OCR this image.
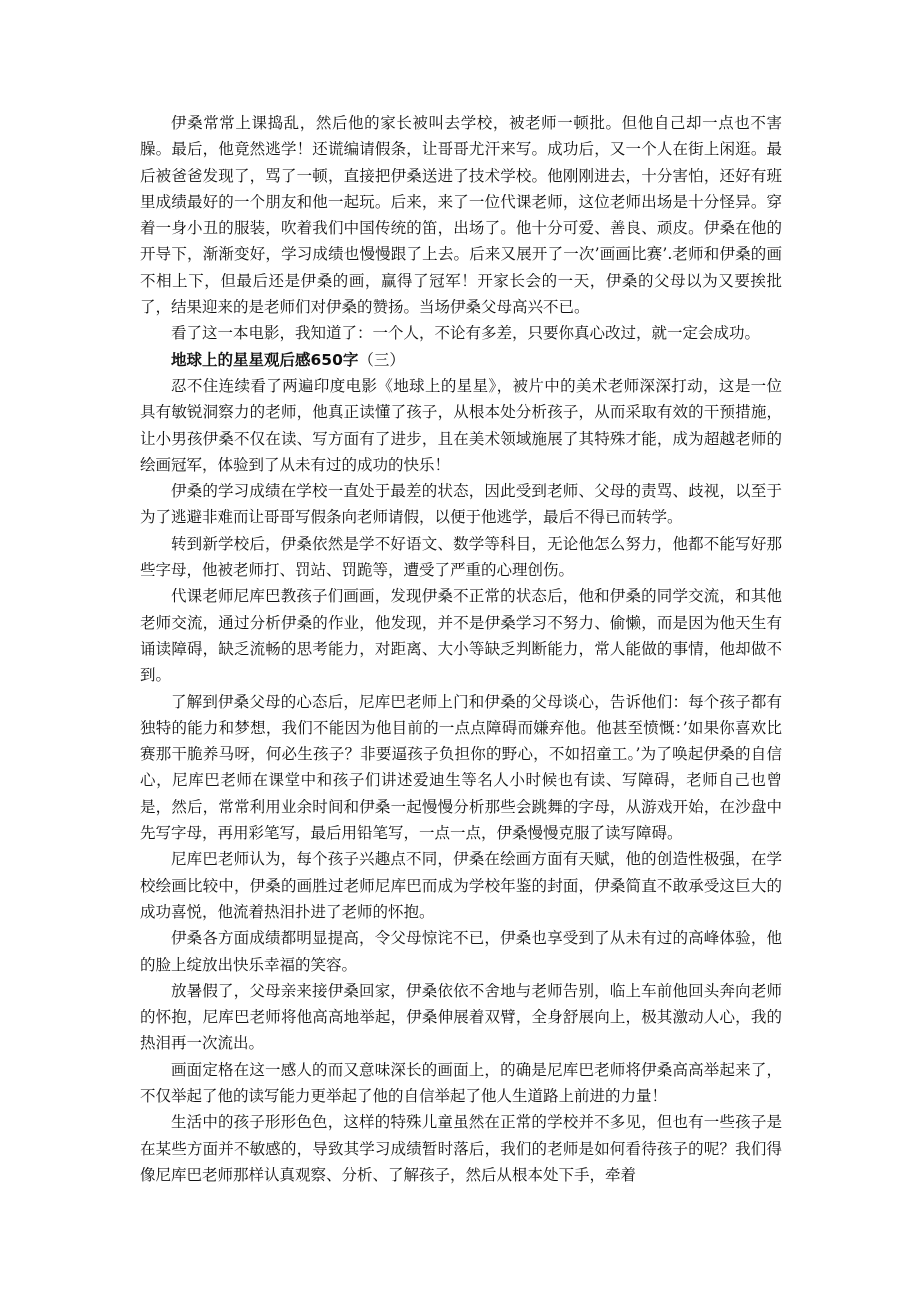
伊桑常常上课捣乱，然后他的家长被叫去学校，被老师一顿批。但他自己却一点也不害臊。最后，他竟然逃学！还谎编请假条，让哥哥尤汗来写。成功后，又一个人在街上闲逛。最后被爸爸发现了，骂了一顿，直接把伊桑送进了技术学校。他刚刚进去，十分害怕，还好有班里成绩最好的一个朋友和他一起玩。后来，来了一位代课老师，这位老师出场是十分怪异。穿着一身小丑的服装，吹着我们中国传统的笛，出场了。他十分可爱、善良、顽皮。伊桑在他的开导下，渐渐变好，学习成绩也慢慢跟了上去。后来又展开了一次’画画比赛’.老师和伊桑的画不相上下，但最后还是伊桑的画，赢得了冠军！开家长会的一天，伊桑的父母以为又要挨批了，结果迎来的是老师们对伊桑的赞扬。当场伊桑父母高兴不已。

看了这一本电影，我知道了：一个人，不论有多差，只要你真心改过，就一定会成功。

地球上的星星观后感650字（三）

忍不住连续看了两遍印度电影《地球上的星星》，被片中的美术老师深深打动，这是一位具有敏锐洞察力的老师，他真正读懂了孩子，从根本处分析孩子，从而采取有效的干预措施，让小男孩伊桑不仅在读、写方面有了进步，且在美术领域施展了其特殊才能，成为超越老师的绘画冠军，体验到了从未有过的成功的快乐！

伊桑的学习成绩在学校一直处于最差的状态，因此受到老师、父母的责骂、歧视，以至于为了逃避非难而让哥哥写假条向老师请假，以便于他逃学，最后不得已而转学。

转到新学校后，伊桑依然是学不好语文、数学等科目，无论他怎么努力，他都不能写好那些字母，他被老师打、罚站、罚跪等，遭受了严重的心理创伤。

代课老师尼库巴教孩子们画画，发现伊桑不正常的状态后，他和伊桑的同学交流，和其他老师交流，通过分析伊桑的作业，他发现，并不是伊桑学习不努力、偷懒，而是因为他天生有诵读障碍，缺乏流畅的思考能力，对距离、大小等缺乏判断能力，常人能做的事情，他却做不到。

了解到伊桑父母的心态后，尼库巴老师上门和伊桑的父母谈心，告诉他们：每个孩子都有独特的能力和梦想，我们不能因为他目前的一点点障碍而嫌弃他。他甚至愤慨：’如果你喜欢比赛那干脆养马呀，何必生孩子？非要逼孩子负担你的野心，不如招童工。’为了唤起伊桑的自信心，尼库巴老师在课堂中和孩子们讲述爱迪生等名人小时候也有读、写障碍，老师自己也曾是，然后，常常利用业余时间和伊桑一起慢慢分析那些会跳舞的字母，从游戏开始，在沙盘中先写字母，再用彩笔写，最后用铅笔写，一点一点，伊桑慢慢克服了读写障碍。

尼库巴老师认为，每个孩子兴趣点不同，伊桑在绘画方面有天赋，他的创造性极强，在学校绘画比较中，伊桑的画胜过老师尼库巴而成为学校年鉴的封面，伊桑简直不敢承受这巨大的成功喜悦，他流着热泪扑进了老师的怀抱。

伊桑各方面成绩都明显提高，令父母惊诧不已，伊桑也享受到了从未有过的高峰体验，他的脸上绽放出快乐幸福的笑容。

放暑假了，父母亲来接伊桑回家，伊桑依依不舍地与老师告别，临上车前他回头奔向老师的怀抱，尼库巴老师将他高高地举起，伊桑伸展着双臂，全身舒展向上，极其激动人心，我的热泪再一次流出。

画面定格在这一感人的而又意味深长的画面上，的确是尼库巴老师将伊桑高高举起来了，不仅举起了他的读写能力更举起了他的自信举起了他人生道路上前进的力量！

生活中的孩子形形色色，这样的特殊儿童虽然在正常的学校并不多见，但也有一些孩子是在某些方面并不敏感的，导致其学习成绩暂时落后，我们的老师是如何看待孩子的呢？我们得像尼库巴老师那样认真观察、分析、了解孩子，然后从根本处下手，牵着
